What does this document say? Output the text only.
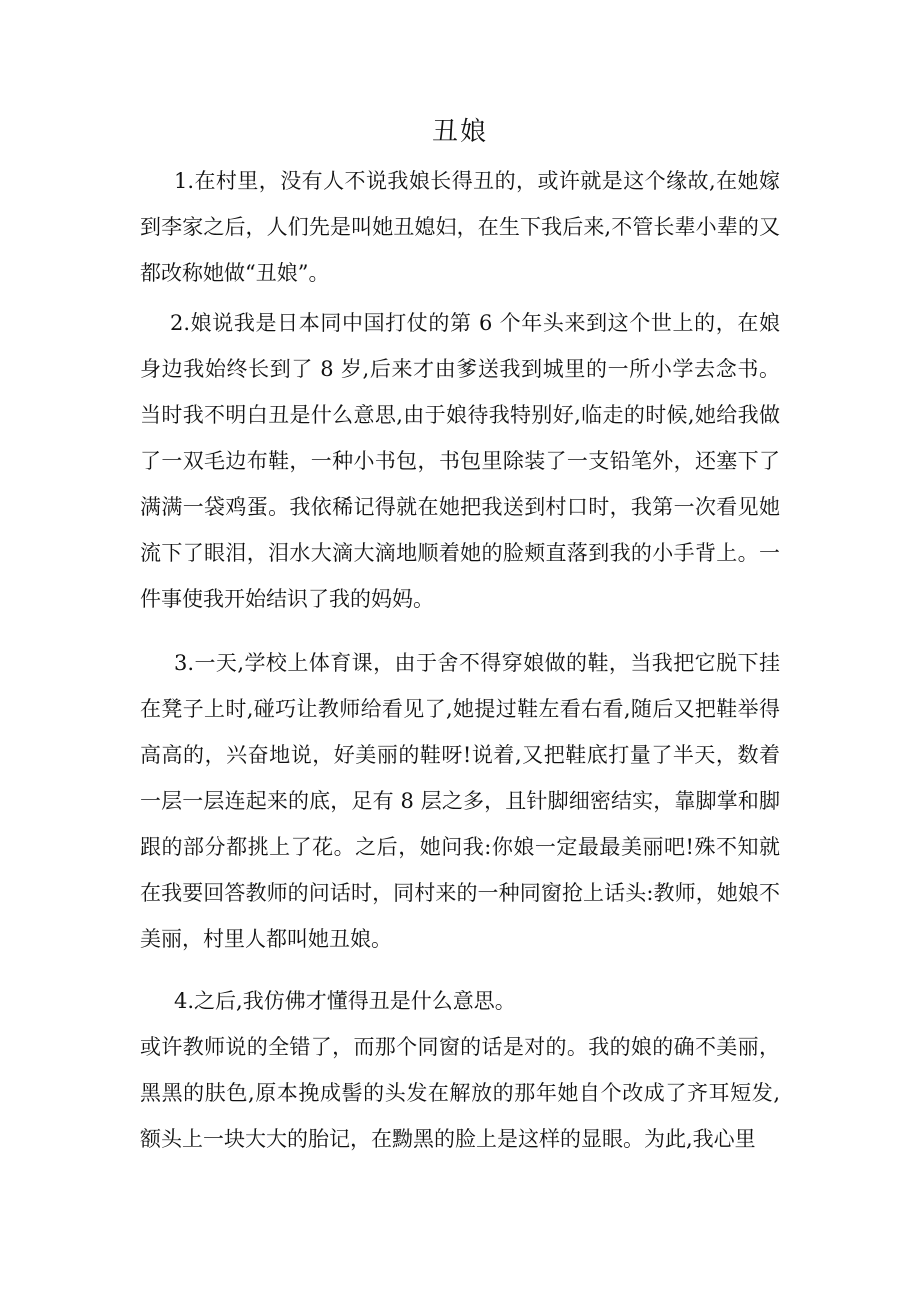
丑娘

1.在村里，没有人不说我娘长得丑的，或许就是这个缘故,在她嫁到李家之后，人们先是叫她丑媳妇，在生下我后来,不管长辈小辈的又都改称她做“丑娘”。

2.娘说我是日本同中国打仗的第 6 个年头来到这个世上的，在娘身边我始终长到了 8 岁,后来才由爹送我到城里的一所小学去念书。当时我不明白丑是什么意思,由于娘待我特别好,临走的时候,她给我做了一双毛边布鞋，一种小书包，书包里除装了一支铅笔外，还塞下了满满一袋鸡蛋。我依稀记得就在她把我送到村口时，我第一次看见她流下了眼泪，泪水大滴大滴地顺着她的脸颊直落到我的小手背上。一件事使我开始结识了我的妈妈。

3.一天,学校上体育课，由于舍不得穿娘做的鞋，当我把它脱下挂在凳子上时,碰巧让教师给看见了,她提过鞋左看右看,随后又把鞋举得高高的，兴奋地说，好美丽的鞋呀!说着,又把鞋底打量了半天，数着一层一层连起来的底，足有 8 层之多，且针脚细密结实，靠脚掌和脚跟的部分都挑上了花。之后，她问我:你娘一定最最美丽吧!殊不知就在我要回答教师的问话时，同村来的一种同窗抢上话头:教师，她娘不美丽，村里人都叫她丑娘。

4.之后,我仿佛才懂得丑是什么意思。

或许教师说的全错了，而那个同窗的话是对的。我的娘的确不美丽，黑黑的肤色,原本挽成髻的头发在解放的那年她自个改成了齐耳短发,额头上一块大大的胎记，在黝黑的脸上是这样的显眼。为此,我心里
